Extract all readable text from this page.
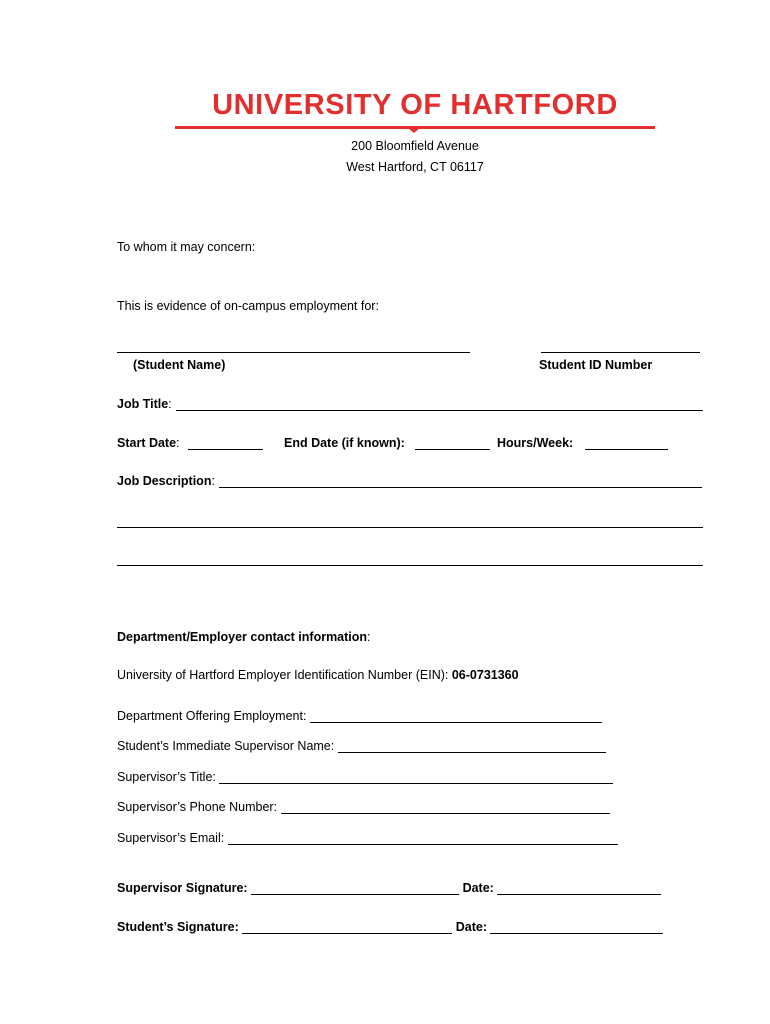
UNIVERSITY OF HARTFORD
200 Bloomfield Avenue
West Hartford, CT 06117
To whom it may concern:
This is evidence of on-campus employment for:
(Student Name)	Student ID Number
Job Title:
Start Date:	End Date (if known):	Hours/Week:
Job Description:
Department/Employer contact information:
University of Hartford Employer Identification Number (EIN): 06-0731360
Department Offering Employment:
Student’s Immediate Supervisor Name:
Supervisor’s Title:
Supervisor’s Phone Number:
Supervisor’s Email:
Supervisor Signature:	Date:
Student’s Signature:	Date:
